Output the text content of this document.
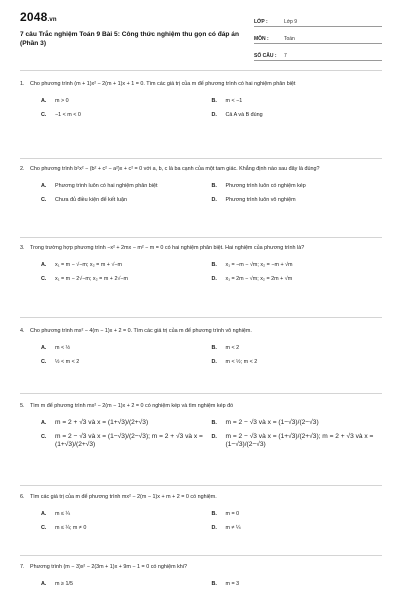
2048.vn
7 câu Trắc nghiệm Toán 9 Bài 5: Công thức nghiệm thu gọn có đáp án (Phần 3)
LỚP :	Lớp 9
MÔN :	Toán
SỐ CÂU :	7
1.	Cho phương trình (m + 1)x² − 2(m + 1)x + 1 = 0. Tìm các giá trị của m để phương trình có hai nghiệm phân biệt
A.	m > 0	B.	m < −1
C.	−1 < m < 0	D.	Cả A và B đúng
2.	Cho phương trình b²x² − (b² + c² − a²)x + c² = 0 với a, b, c là ba cạnh của một tam giác. Khẳng định nào sau đây là đúng?
A.	Phương trình luôn có hai nghiệm phân biệt	B.	Phương trình luôn có nghiệm kép
C.	Chưa đủ điều kiện để kết luận	D.	Phương trình luôn vô nghiệm
3.	Trong trường hợp phương trình −x² + 2mx − m² − m = 0 có hai nghiệm phân biệt. Hai nghiệm của phương trình là?
A.	x₁ = m − √−m; x₂ = m + √−m	B.	x₁ = −m − √m; x₂ = −m + √m
C.	x₁ = m − 2√−m; x₂ = m + 2√−m	D.	x₁ = 2m − √m; x₂ = 2m + √m
4.	Cho phương trình mx² − 4(m − 1)x + 2 = 0. Tìm các giá trị của m để phương trình vô nghiệm.
A.	m < ½	B.	m < 2
C.	½ < m < 2	D.	m < ½; m < 2
5.	Tìm m để phương trình mx² − 2(m − 1)x + 2 = 0 có nghiệm kép và tìm nghiệm kép đó
A.	m = 2 + √3 và x = (1+√3)/(2+√3)	B.	m = 2 − √3 và x = (1−√3)/(2−√3)
C.	m = 2 − √3 và x = (1−√3)/(2−√3); m = 2 + √3 và x = (1+√3)/(2+√3)
D.	m = 2 − √3 và x = (1+√3)/(2+√3); m = 2 + √3 và x = (1−√3)/(2−√3)
6.	Tìm các giá trị của m để phương trình mx² − 2(m − 1)x + m + 2 = 0 có nghiệm.
A.	m ≤ ¼	B.	m = 0
C.	m ≤ ¼; m ≠ 0	D.	m ≠ ¼
7.	Phương trình (m − 3)x² − 2(3m + 1)x + 9m − 1 = 0 có nghiệm khi?
A.	m ≥ 1/5	B.	m = 3
